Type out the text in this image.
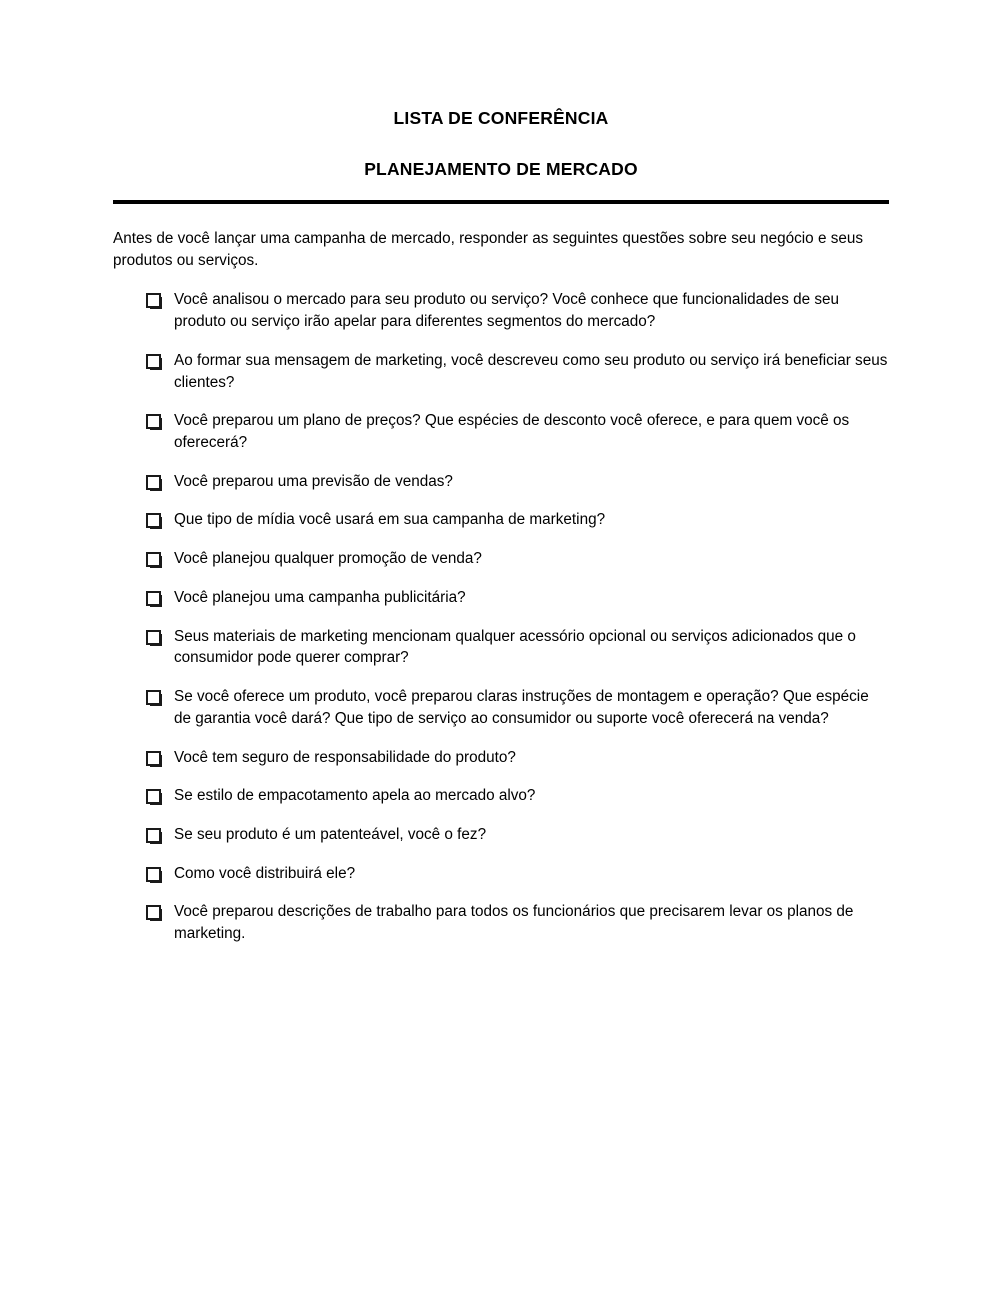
LISTA DE CONFERÊNCIA
PLANEJAMENTO DE MERCADO

Antes de você lançar uma campanha de mercado, responder as seguintes questões sobre seu negócio e seus produtos ou serviços.

Você analisou o mercado para seu produto ou serviço? Você conhece que funcionalidades de seu produto ou serviço irão apelar para diferentes segmentos do mercado?
Ao formar sua mensagem de marketing, você descreveu como seu produto ou serviço irá beneficiar seus clientes?
Você preparou um plano de preços? Que espécies de desconto você oferece, e para quem você os oferecerá?
Você preparou uma previsão de vendas?
Que tipo de mídia você usará em sua campanha de marketing?
Você planejou qualquer promoção de venda?
Você planejou uma campanha publicitária?
Seus materiais de marketing mencionam qualquer acessório opcional ou serviços adicionados que o consumidor pode querer comprar?
Se você oferece um produto, você preparou claras instruções de montagem e operação? Que espécie de garantia você dará? Que tipo de serviço ao consumidor ou suporte você oferecerá na venda?
Você tem seguro de responsabilidade do produto?
Se estilo de empacotamento apela ao mercado alvo?
Se seu produto é um patenteável, você o fez?
Como você distribuirá ele?
Você preparou descrições de trabalho para todos os funcionários que precisarem levar os planos de marketing.
